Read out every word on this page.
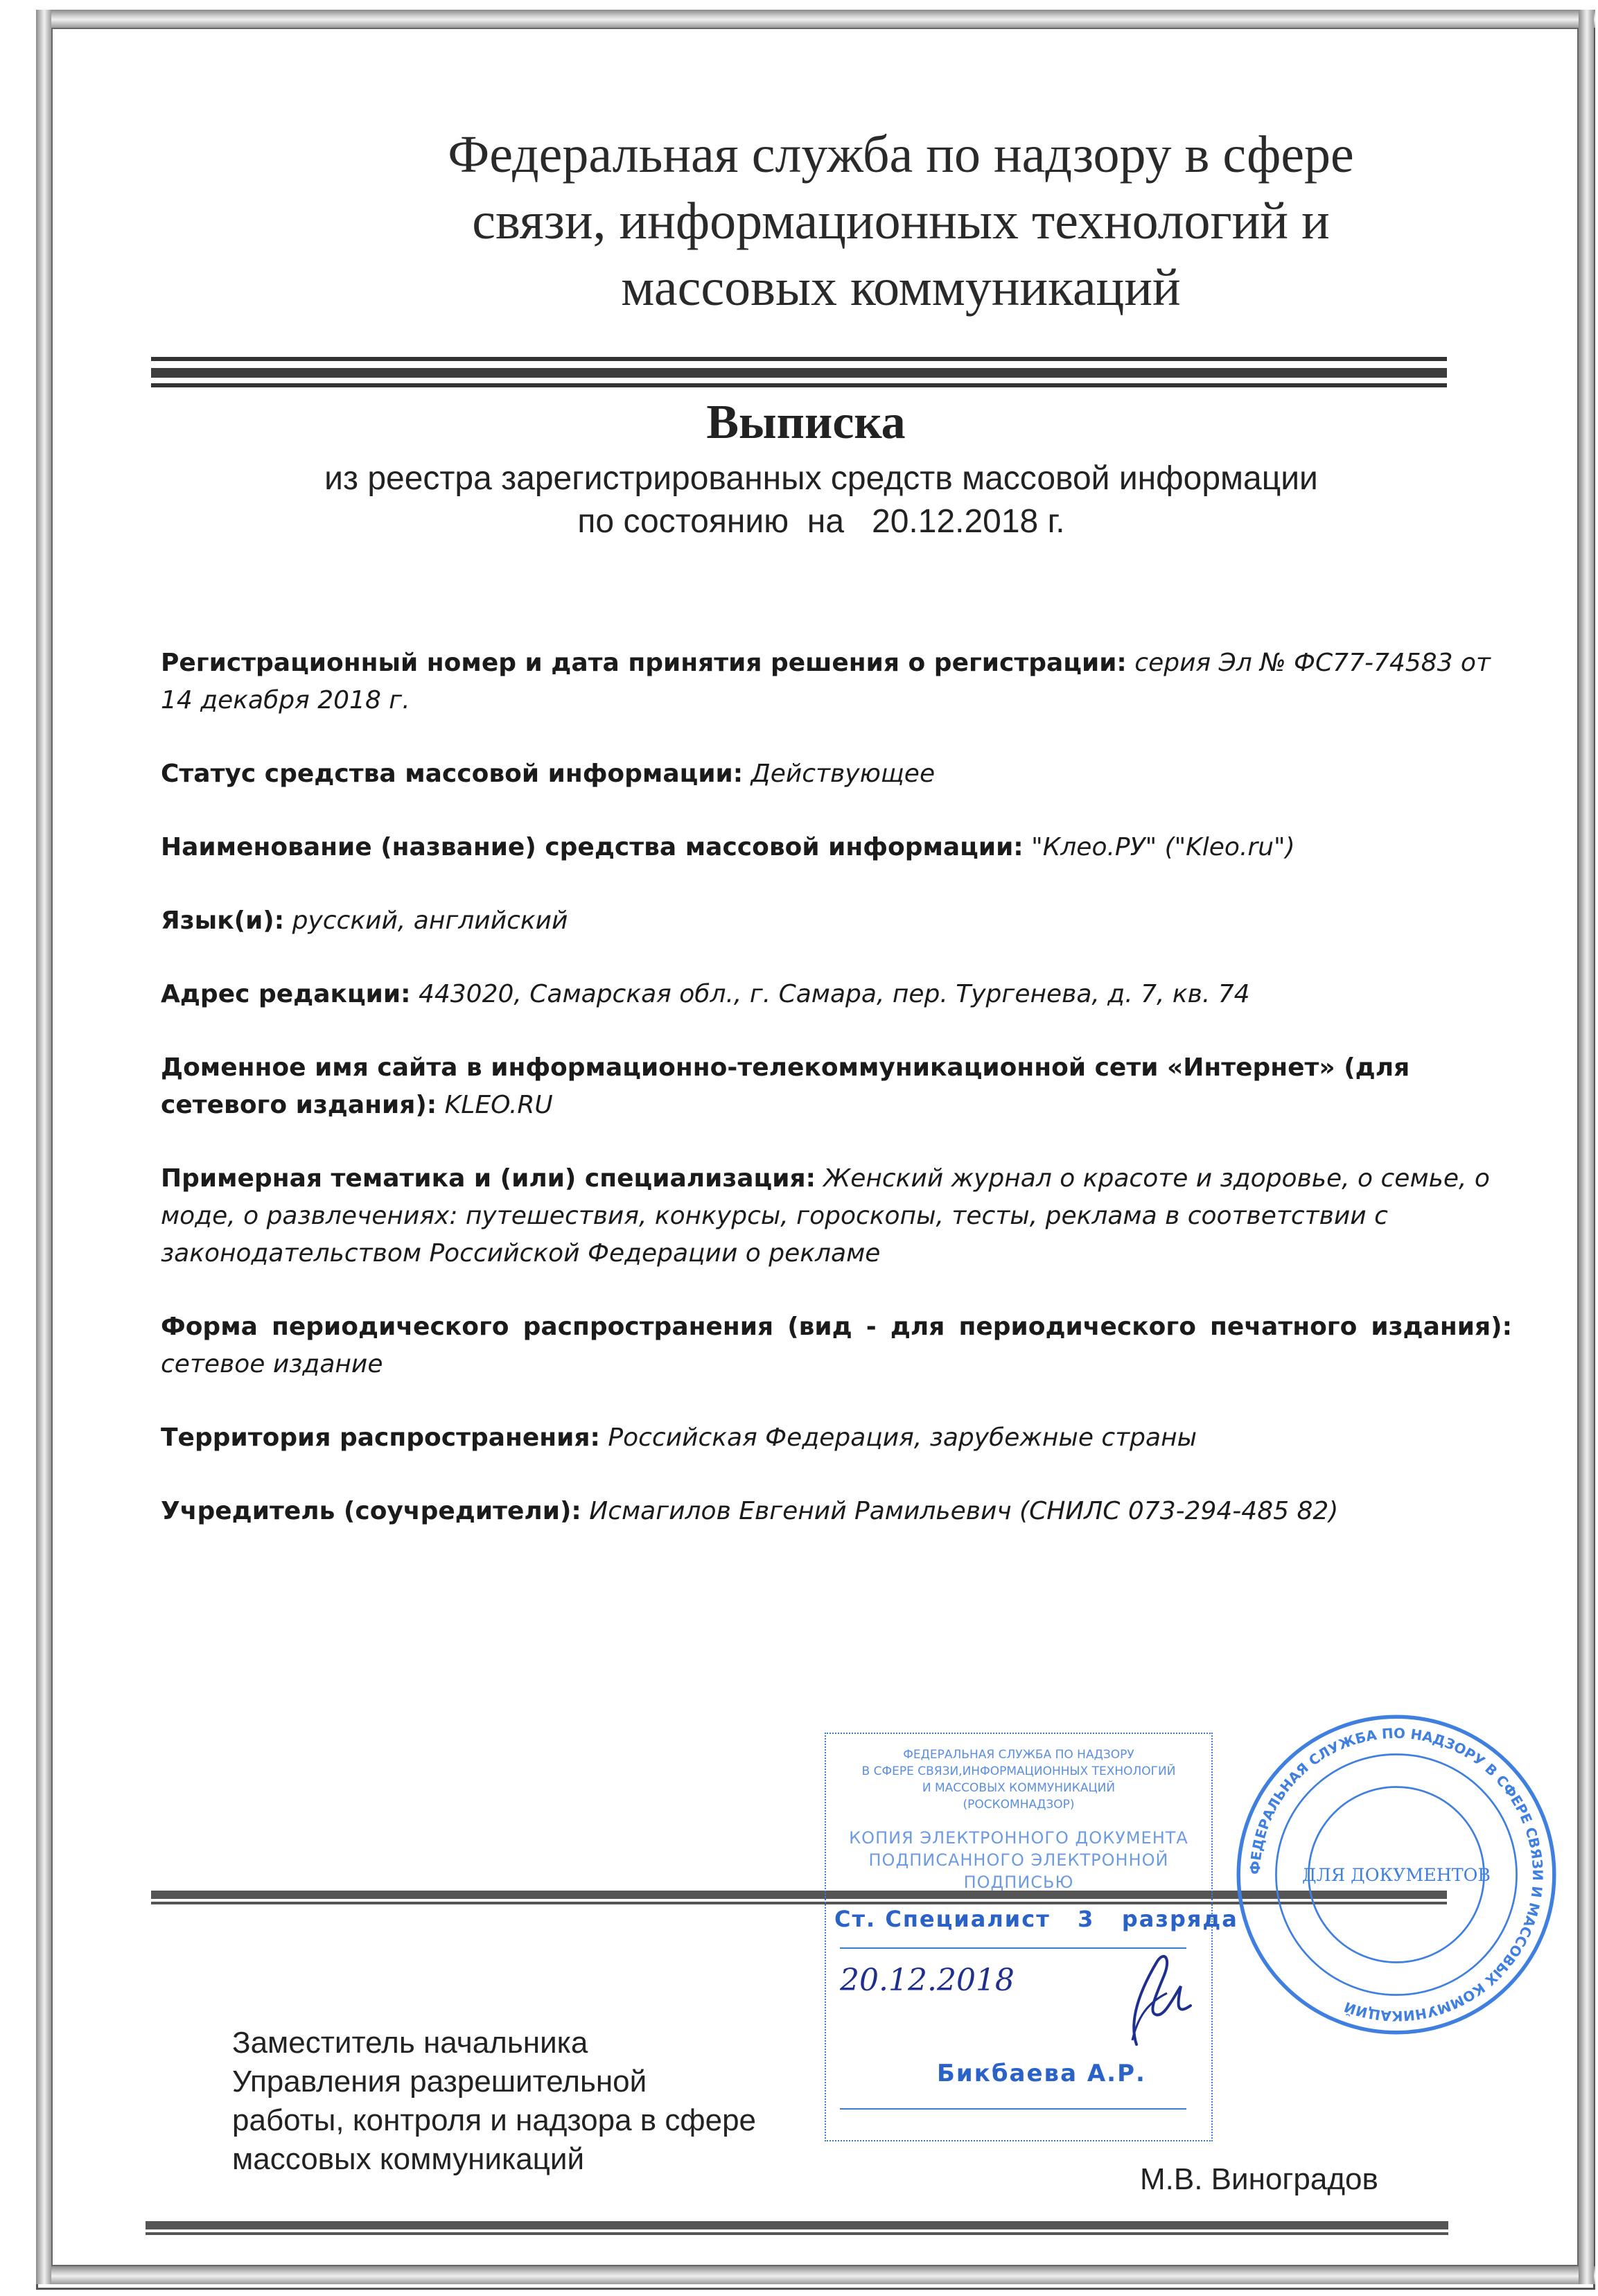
Федеральная служба по надзору в сфере
связи, информационных технологий и
массовых коммуникаций
Выписка
из реестра зарегистрированных средств массовой информации
по состоянию  на   20.12.2018 г.
Регистрационный номер и дата принятия решения о регистрации: серия Эл № ФС77-74583 от 14 декабря 2018 г.
Статус средства массовой информации: Действующее
Наименование (название) средства массовой информации: "Клео.РУ" ("Kleo.ru")
Язык(и): русский, английский
Адрес редакции: 443020, Самарская обл., г. Самара, пер. Тургенева, д. 7, кв. 74
Доменное имя сайта в информационно-телекоммуникационной сети «Интернет» (для сетевого издания): KLEO.RU
Примерная тематика и (или) специализация: Женский журнал о красоте и здоровье, о семье, о моде, о развлечениях: путешествия, конкурсы, гороскопы, тесты, реклама в соответствии с законодательством Российской Федерации о рекламе
Форма периодического распространения (вид - для периодического печатного издания): сетевое издание
Территория распространения: Российская Федерация, зарубежные страны
Учредитель (соучредители): Исмагилов Евгений Рамильевич (СНИЛС 073-294-485 82)
ФЕДЕРАЛЬНАЯ СЛУЖБА ПО НАДЗОРУ
В СФЕРЕ СВЯЗИ,ИНФОРМАЦИОННЫХ ТЕХНОЛОГИЙ
И МАССОВЫХ КОММУНИКАЦИЙ
(РОСКОМНАДЗОР)
КОПИЯ ЭЛЕКТРОННОГО ДОКУМЕНТА
ПОДПИСАННОГО ЭЛЕКТРОННОЙ ПОДПИСЬЮ
Ст. Специалист   3   разряда
20.12.2018
Бикбаева А.Р.
ФЕДЕРАЛЬНАЯ СЛУЖБА ПО НАДЗОРУ В СФЕРЕ СВЯЗИ И МАССОВЫХ КОММУНИКАЦИЙ
ДЛЯ ДОКУМЕНТОВ
Заместитель начальника
Управления разрешительной
работы, контроля и надзора в сфере
массовых коммуникаций
М.В. Виноградов
